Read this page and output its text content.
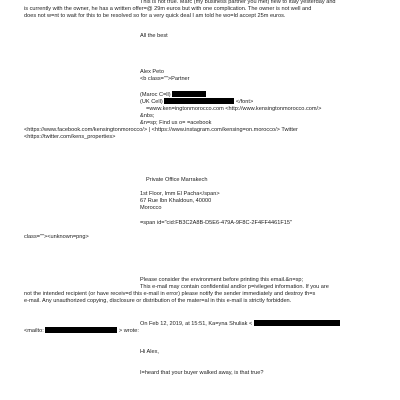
This is not true. Marc (my business partner you met) flew to Italy yesterday and
is currently with the owner, he has a written offer=@ 29m euros but with one complication. The owner is not well and
does not w=nt to wait for this to be resolved so for a very quick deal I am told he wo=ld accept 25m euros.
All the best
Alex Peto
<b class="">Partner
(Maroc C=ll)
(UK Cell)	</font>
=www.ken=ingtonmorocco.com <http://www.kensingtonmorocco.com/>
&nbs;
&n=sp; Find us o= =acebook
<https://www.facebook.com/kensingtonmorocco/> | <https://www.instagram.com/kensing=on.morocco/> Twitter
<https://twitter.com/kens_properties>
Private Office Marrakech
1st Floor, Imm El Pacha</span>
67 Rue Ibn Khaldoun, 40000
Morocco
=span id="cid:FB3C2A8B-D5E6-479A-9F8C-2F4FF4461F15"
class=""><unknown=png>
Please consider the environment before printing this email.&n=sp;
This e-mail may contain confidential and/or p=ivileged information. If you are
not the intended recipient (or have receiv=d this e-mail in error) please notify the sender immediately and destroy th=s
e-mail. Any unauthorized copying, disclosure or distribution of the mater=al in this e-mail is strictly forbidden.
On Feb 12, 2019, at 15:51, Ka=yna Shuliak <
<mailto:	> wrote:
Hi Alex,
I=heard that your buyer walked away, is that true?
